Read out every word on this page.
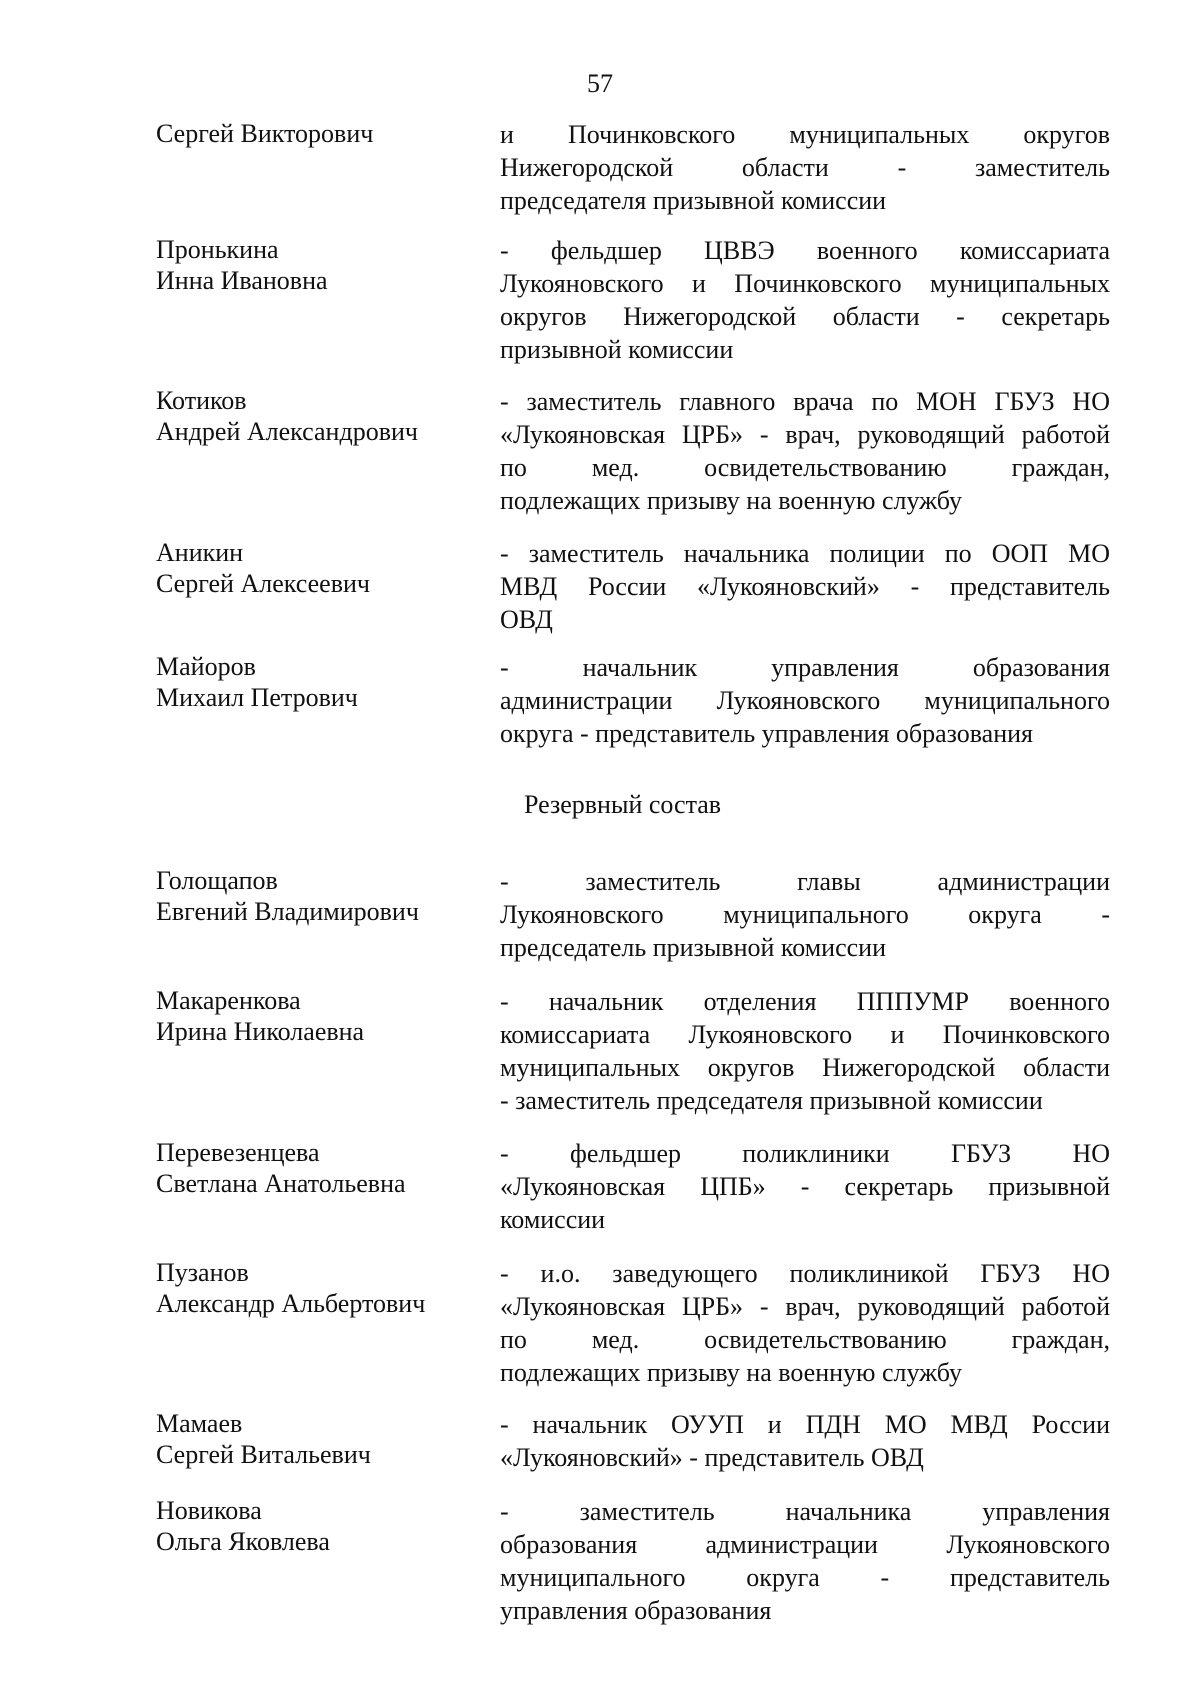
57
Сергей Викторович	и Починковского муниципальных округов
Нижегородской области - заместитель
председателя призывной комиссии
Пронькина
Инна Ивановна
- фельдшер ЦВВЭ военного комиссариата
Лукояновского и Починковского муниципальных
округов Нижегородской области - секретарь
призывной комиссии
Котиков
Андрей Александрович
- заместитель главного врача по МОН ГБУЗ НО
«Лукояновская ЦРБ» - врач, руководящий работой
по мед. освидетельствованию граждан,
подлежащих призыву на военную службу
Аникин
Сергей Алексеевич
- заместитель начальника полиции по ООП МО
МВД России «Лукояновский» - представитель
ОВД
Майоров
Михаил Петрович
- начальник управления образования
администрации Лукояновского муниципального
округа - представитель управления образования
Резервный состав
Голощапов
Евгений Владимирович
- заместитель главы администрации
Лукояновского муниципального округа -
председатель призывной комиссии
Макаренкова
Ирина Николаевна
- начальник отделения ПППУМР военного
комиссариата Лукояновского и Починковского
муниципальных округов Нижегородской области
- заместитель председателя призывной комиссии
Перевезенцева
Светлана Анатольевна
- фельдшер поликлиники ГБУЗ НО
«Лукояновская ЦПБ» - секретарь призывной
комиссии
Пузанов
Александр Альбертович
- и.о. заведующего поликлиникой ГБУЗ НО
«Лукояновская ЦРБ» - врач, руководящий работой
по мед. освидетельствованию граждан,
подлежащих призыву на военную службу
Мамаев
Сергей Витальевич
- начальник ОУУП и ПДН МО МВД России
«Лукояновский» - представитель ОВД
Новикова
Ольга Яковлева
- заместитель начальника управления
образования администрации Лукояновского
муниципального округа - представитель
управления образования
